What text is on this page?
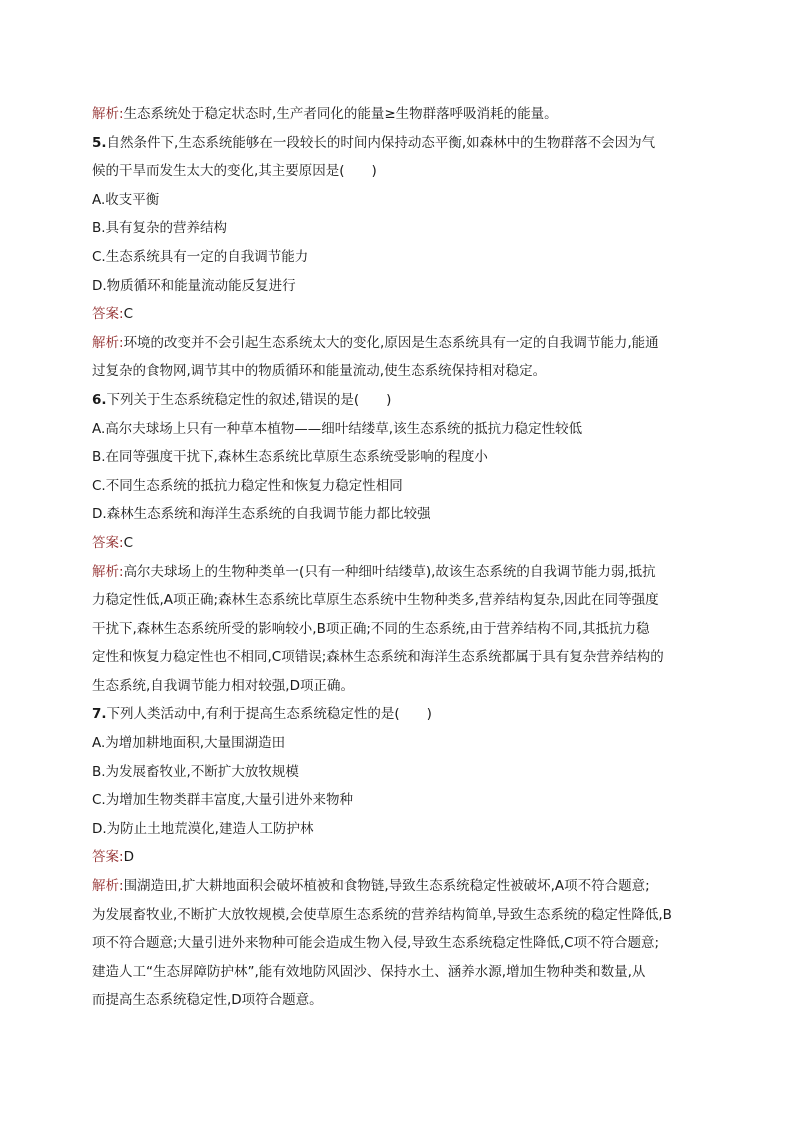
解析:生态系统处于稳定状态时,生产者同化的能量≥生物群落呼吸消耗的能量。
5.自然条件下,生态系统能够在一段较长的时间内保持动态平衡,如森林中的生物群落不会因为气
候的干旱而发生太大的变化,其主要原因是(　　)
A.收支平衡
B.具有复杂的营养结构
C.生态系统具有一定的自我调节能力
D.物质循环和能量流动能反复进行
答案:C
解析:环境的改变并不会引起生态系统太大的变化,原因是生态系统具有一定的自我调节能力,能通
过复杂的食物网,调节其中的物质循环和能量流动,使生态系统保持相对稳定。
6.下列关于生态系统稳定性的叙述,错误的是(　　)
A.高尔夫球场上只有一种草本植物——细叶结缕草,该生态系统的抵抗力稳定性较低
B.在同等强度干扰下,森林生态系统比草原生态系统受影响的程度小
C.不同生态系统的抵抗力稳定性和恢复力稳定性相同
D.森林生态系统和海洋生态系统的自我调节能力都比较强
答案:C
解析:高尔夫球场上的生物种类单一(只有一种细叶结缕草),故该生态系统的自我调节能力弱,抵抗
力稳定性低,A项正确;森林生态系统比草原生态系统中生物种类多,营养结构复杂,因此在同等强度
干扰下,森林生态系统所受的影响较小,B项正确;不同的生态系统,由于营养结构不同,其抵抗力稳
定性和恢复力稳定性也不相同,C项错误;森林生态系统和海洋生态系统都属于具有复杂营养结构的
生态系统,自我调节能力相对较强,D项正确。
7.下列人类活动中,有利于提高生态系统稳定性的是(　　)
A.为增加耕地面积,大量围湖造田
B.为发展畜牧业,不断扩大放牧规模
C.为增加生物类群丰富度,大量引进外来物种
D.为防止土地荒漠化,建造人工防护林
答案:D
解析:围湖造田,扩大耕地面积会破坏植被和食物链,导致生态系统稳定性被破坏,A项不符合题意;
为发展畜牧业,不断扩大放牧规模,会使草原生态系统的营养结构简单,导致生态系统的稳定性降低,B
项不符合题意;大量引进外来物种可能会造成生物入侵,导致生态系统稳定性降低,C项不符合题意;
建造人工“生态屏障防护林”,能有效地防风固沙、保持水土、涵养水源,增加生物种类和数量,从
而提高生态系统稳定性,D项符合题意。
